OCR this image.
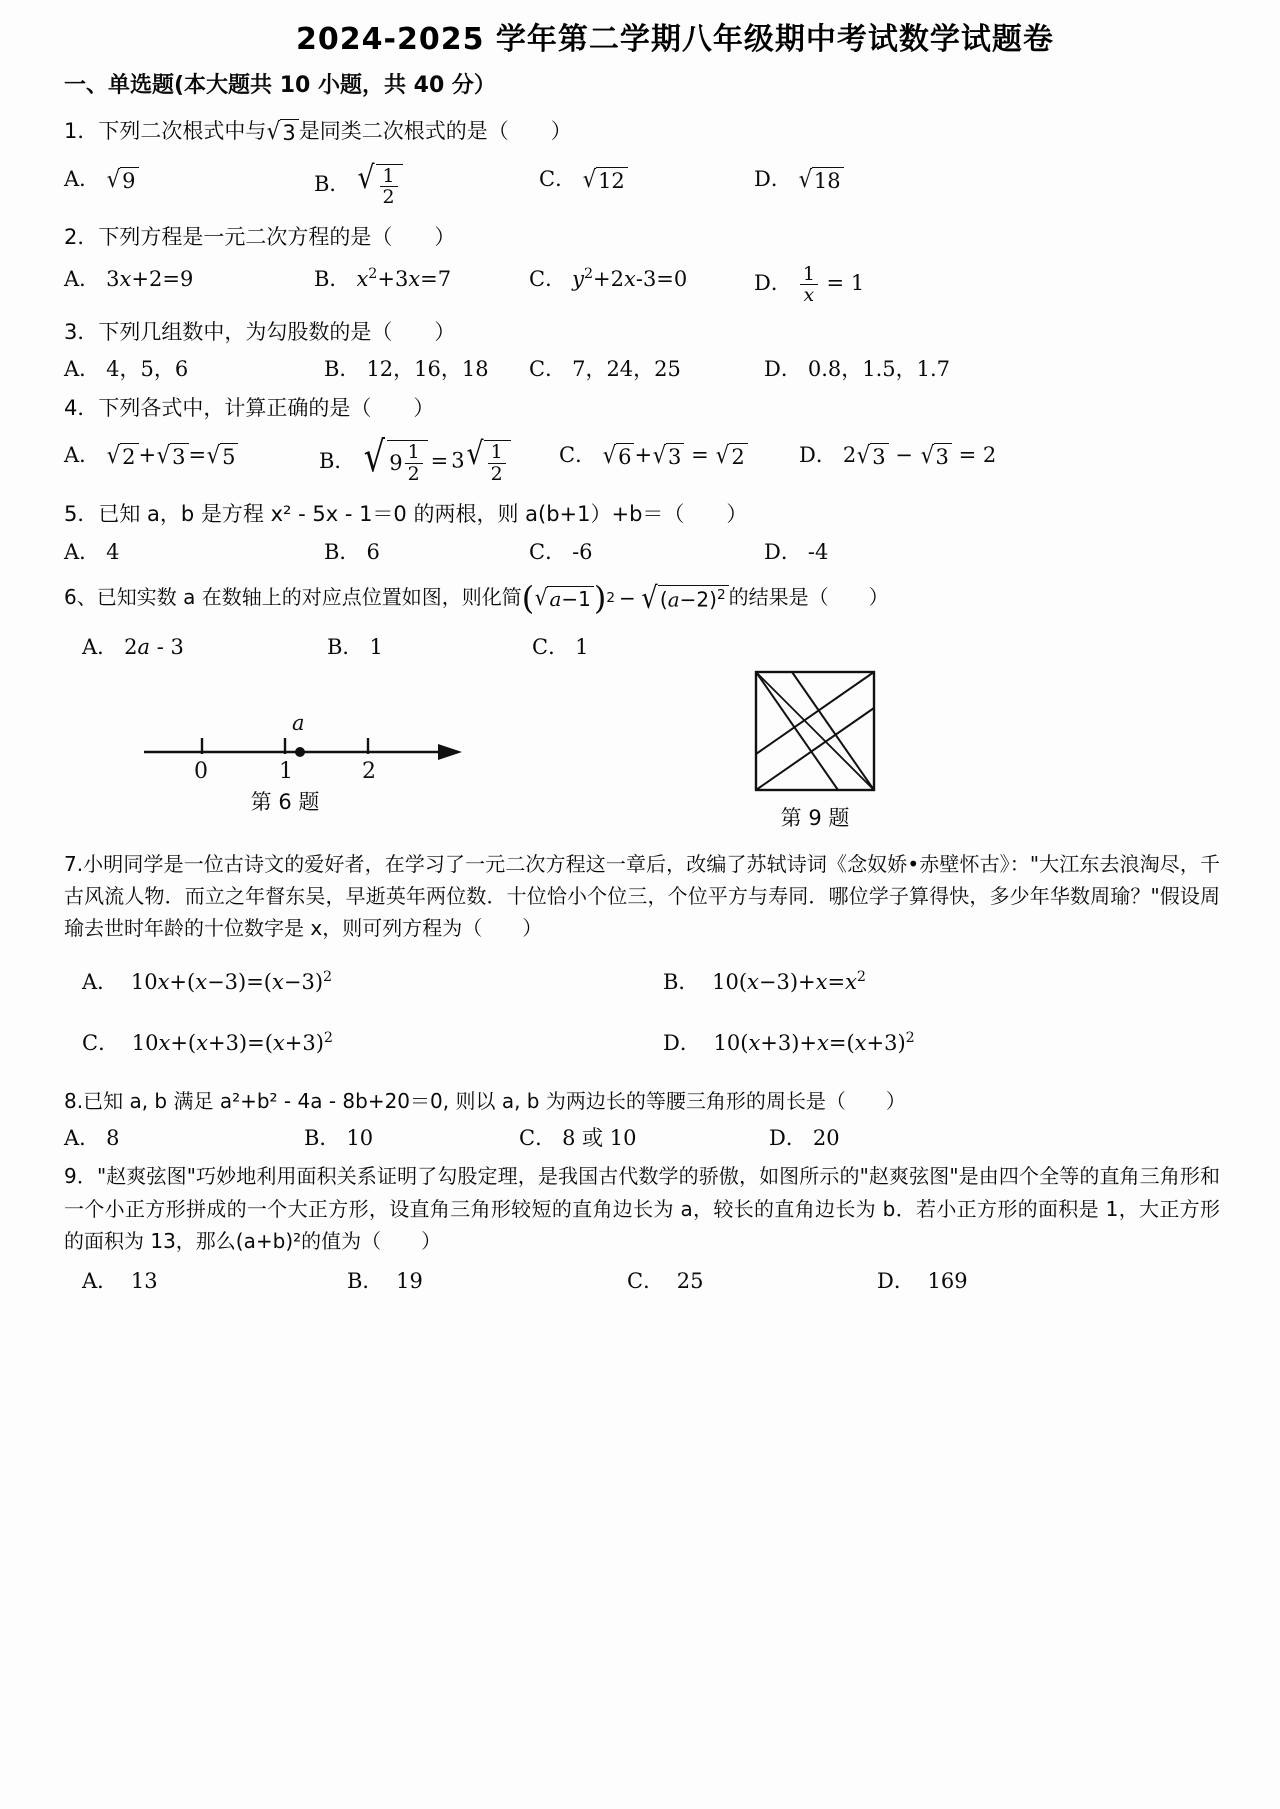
2024-2025 学年第二学期八年级期中考试数学试题卷
一、单选题(本大题共 10 小题，共 40 分）
1．下列二次根式中与 √ 3 是同类二次根式的是（　　）
A． √ 9	B． √ $\frac{1}{2}$	C． √ 12	D． √ 18
2．下列方程是一元二次方程的是（　　）
A． 3x+2=9	B． $x^2+3x=7$	C． $y^2+2x-3=0$	D． $\frac{1}{x} = 1$
3．下列几组数中，为勾股数的是（　　）
A． 4，5，6	B． 12，16，18	C． 7，24，25	D． 0.8，1.5，1.7
4．下列各式中，计算正确的是（　　）
A． √ 2 + √ 3 = √ 5	B． √ $9 \frac{1}{2} = 3$ √ $\frac{1}{2}$	C． √ 6 + √ 3 = √ 2	D． 2 √ 3 − √ 3 = 2
5．已知 a，b 是方程 x² - 5x - 1＝0 的两根，则 a(b+1）+b＝（　　）
A． 4	B． 6	C． -6	D． -4
6、已知实数 a 在数轴上的对应点位置如图，则化简 ( √ a−1 ) 2 − √ $(a-2)^2$ 的结果是（　　）
A． 2a - 3	B． 1	C． 1
a
0	1	2
第 6 题
第 9 题
7.小明同学是一位古诗文的爱好者，在学习了一元二次方程这一章后，改编了苏轼诗词《念奴娇•赤壁怀古》："大江东去浪淘尽，千古风流人物．而立之年督东吴，早逝英年两位数．十位恰小个位三，个位平方与寿同．哪位学子算得快，多少年华数周瑜？"假设周瑜去世时年龄的十位数字是 x，则可列方程为（　　）
A． $10x+(x-3)=(x-3)^2$	B． $10(x-3)+x=x^2$
C． $10x+(x+3)=(x+3)^2$	D． $10(x+3)+x=(x+3)^2$
8.已知 a, b 满足 a²+b² - 4a - 8b+20＝0, 则以 a, b 为两边长的等腰三角形的周长是（　　）
A． 8	B． 10	C． 8 或 10	D． 20
9．"赵爽弦图"巧妙地利用面积关系证明了勾股定理，是我国古代数学的骄傲，如图所示的"赵爽弦图"是由四个全等的直角三角形和一个小正方形拼成的一个大正方形，设直角三角形较短的直角边长为 a，较长的直角边长为 b．若小正方形的面积是 1，大正方形的面积为 13，那么(a+b)²的值为（　　）
A． 13	B． 19	C． 25	D． 169
